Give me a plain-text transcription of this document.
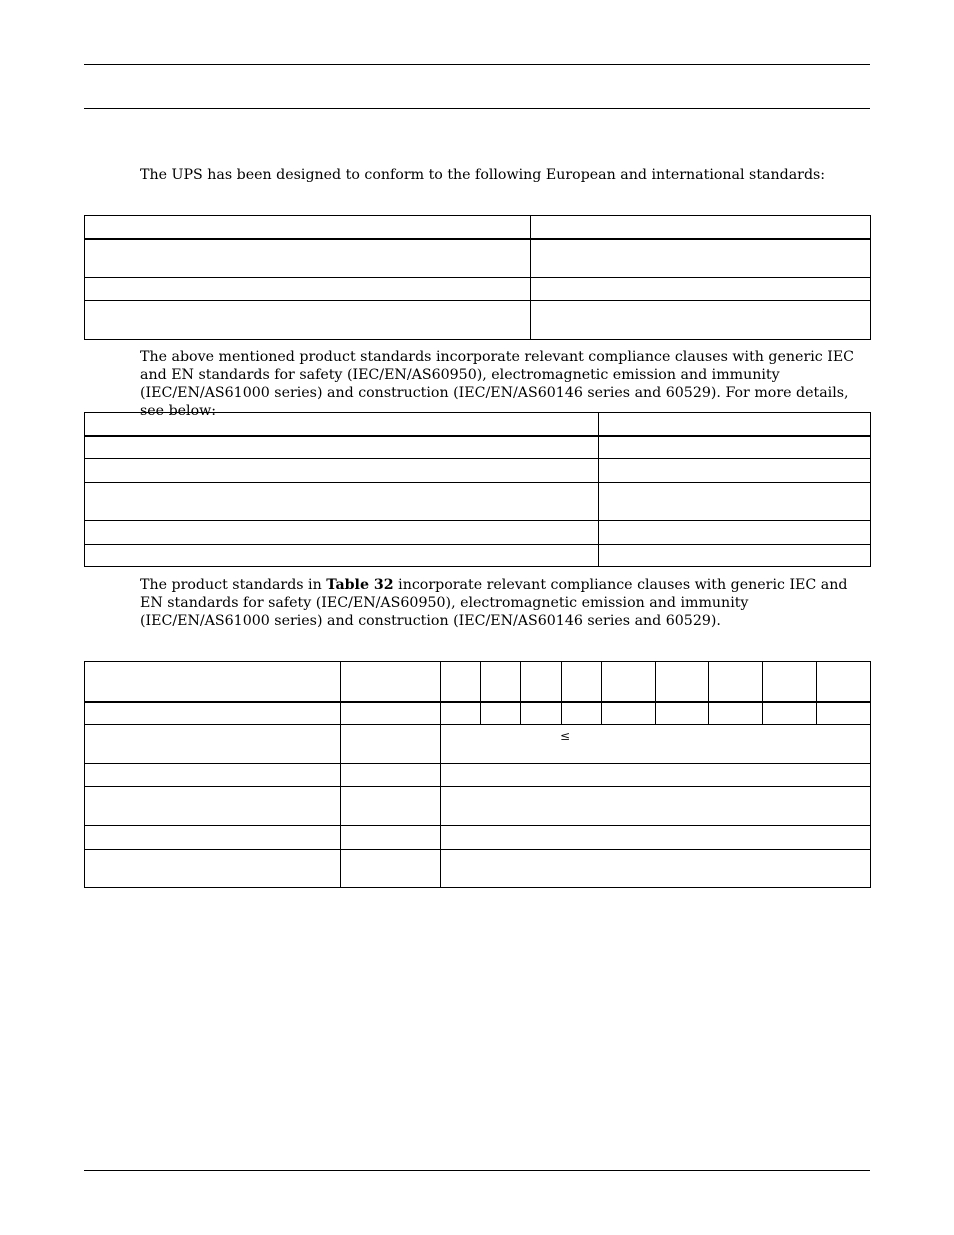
The UPS has been designed to conform to the following European and international standards:

The above mentioned product standards incorporate relevant compliance clauses with generic IEC and EN standards for safety (IEC/EN/AS60950), electromagnetic emission and immunity (IEC/EN/AS61000 series) and construction (IEC/EN/AS60146 series and 60529). For more details, see below:

The product standards in Table 32 incorporate relevant compliance clauses with generic IEC and EN standards for safety (IEC/EN/AS60950), electromagnetic emission and immunity (IEC/EN/AS61000 series) and construction (IEC/EN/AS60146 series and 60529).

		≤								
